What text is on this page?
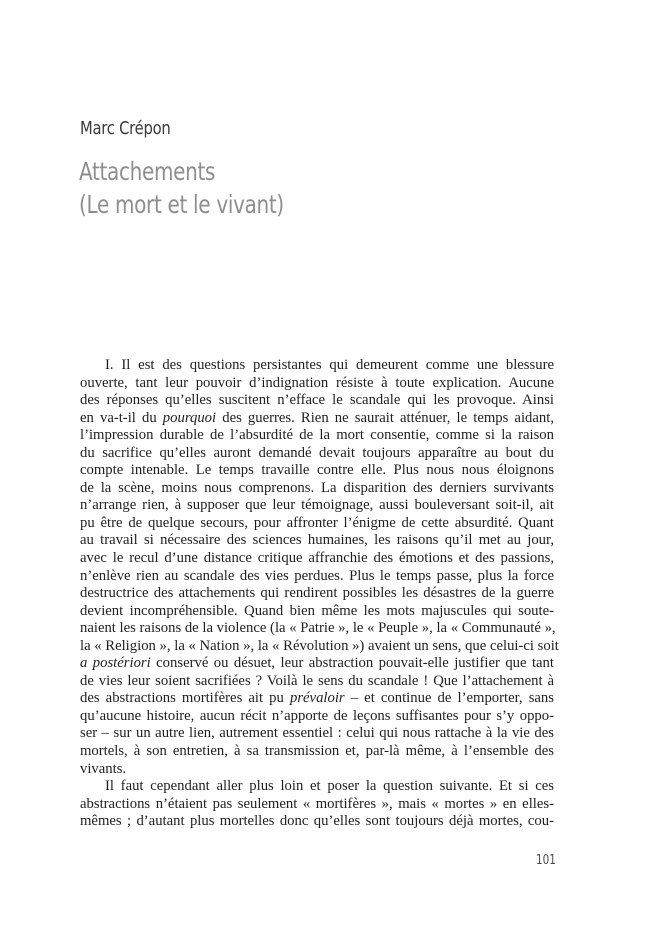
Marc Crépon
Attachements
(Le mort et le vivant)
I. Il est des questions persistantes qui demeurent comme une blessure
ouverte, tant leur pouvoir d’indignation résiste à toute explication. Aucune
des réponses qu’elles suscitent n’efface le scandale qui les provoque. Ainsi
en va-t-il du pourquoi des guerres. Rien ne saurait atténuer, le temps aidant,
l’impression durable de l’absurdité de la mort consentie, comme si la raison
du sacrifice qu’elles auront demandé devait toujours apparaître au bout du
compte intenable. Le temps travaille contre elle. Plus nous nous éloignons
de la scène, moins nous comprenons. La disparition des derniers survivants
n’arrange rien, à supposer que leur témoignage, aussi bouleversant soit-il, ait
pu être de quelque secours, pour affronter l’énigme de cette absurdité. Quant
au travail si nécessaire des sciences humaines, les raisons qu’il met au jour,
avec le recul d’une distance critique affranchie des émotions et des passions,
n’enlève rien au scandale des vies perdues. Plus le temps passe, plus la force
destructrice des attachements qui rendirent possibles les désastres de la guerre
devient incompréhensible. Quand bien même les mots majuscules qui soute-
naient les raisons de la violence (la « Patrie », le « Peuple », la « Communauté »,
la « Religion », la « Nation », la « Révolution ») avaient un sens, que celui-ci soit
a postériori conservé ou désuet, leur abstraction pouvait-elle justifier que tant
de vies leur soient sacrifiées ? Voilà le sens du scandale ! Que l’attachement à
des abstractions mortifères ait pu prévaloir – et continue de l’emporter, sans
qu’aucune histoire, aucun récit n’apporte de leçons suffisantes pour s’y oppo-
ser – sur un autre lien, autrement essentiel : celui qui nous rattache à la vie des
mortels, à son entretien, à sa transmission et, par-là même, à l’ensemble des
vivants.
Il faut cependant aller plus loin et poser la question suivante. Et si ces
abstractions n’étaient pas seulement « mortifères », mais « mortes » en elles-
mêmes ; d’autant plus mortelles donc qu’elles sont toujours déjà mortes, cou-
101
